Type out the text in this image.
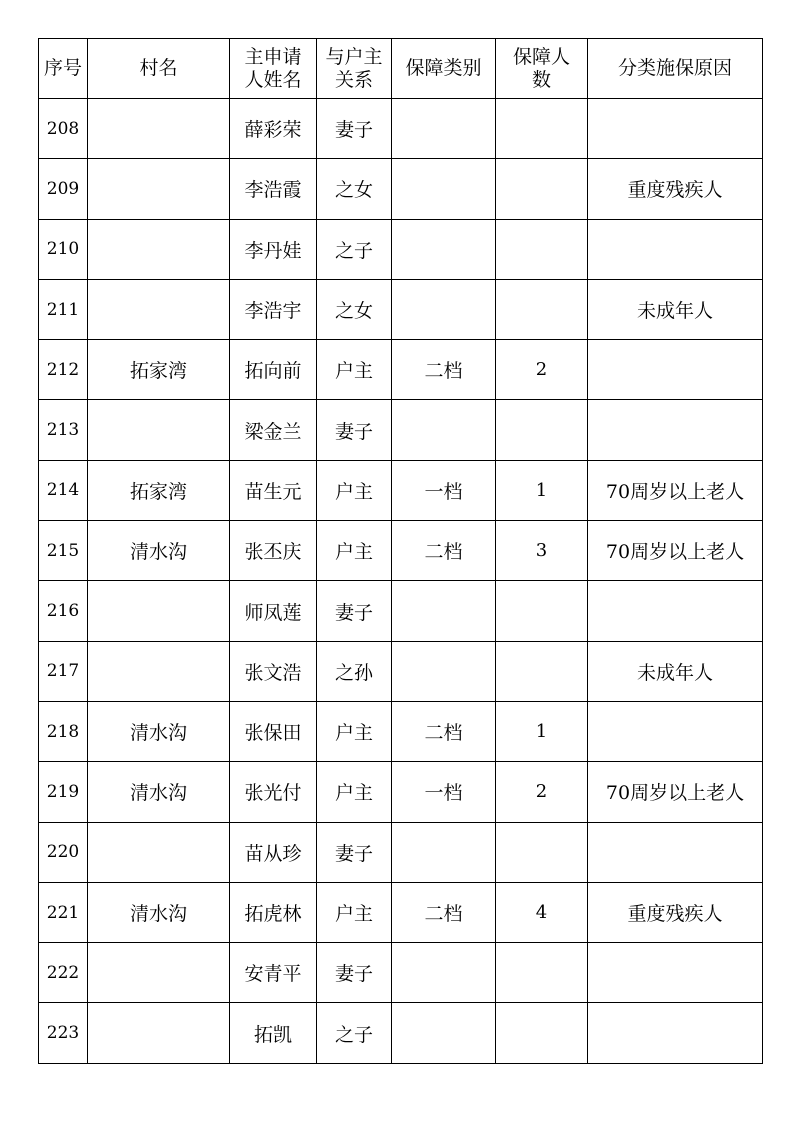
序号	村名	主申请人姓名	与户主关系	保障类别	保障人数	分类施保原因
208		薛彩荣	妻子			
209		李浩霞	之女			重度残疾人
210		李丹娃	之子			
211		李浩宇	之女			未成年人
212	拓家湾	拓向前	户主	二档	2	
213		梁金兰	妻子			
214	拓家湾	苗生元	户主	一档	1	70周岁以上老人
215	清水沟	张丕庆	户主	二档	3	70周岁以上老人
216		师凤莲	妻子			
217		张文浩	之孙			未成年人
218	清水沟	张保田	户主	二档	1	
219	清水沟	张光付	户主	一档	2	70周岁以上老人
220		苗从珍	妻子			
221	清水沟	拓虎林	户主	二档	4	重度残疾人
222		安青平	妻子			
223		拓凯	之子			
